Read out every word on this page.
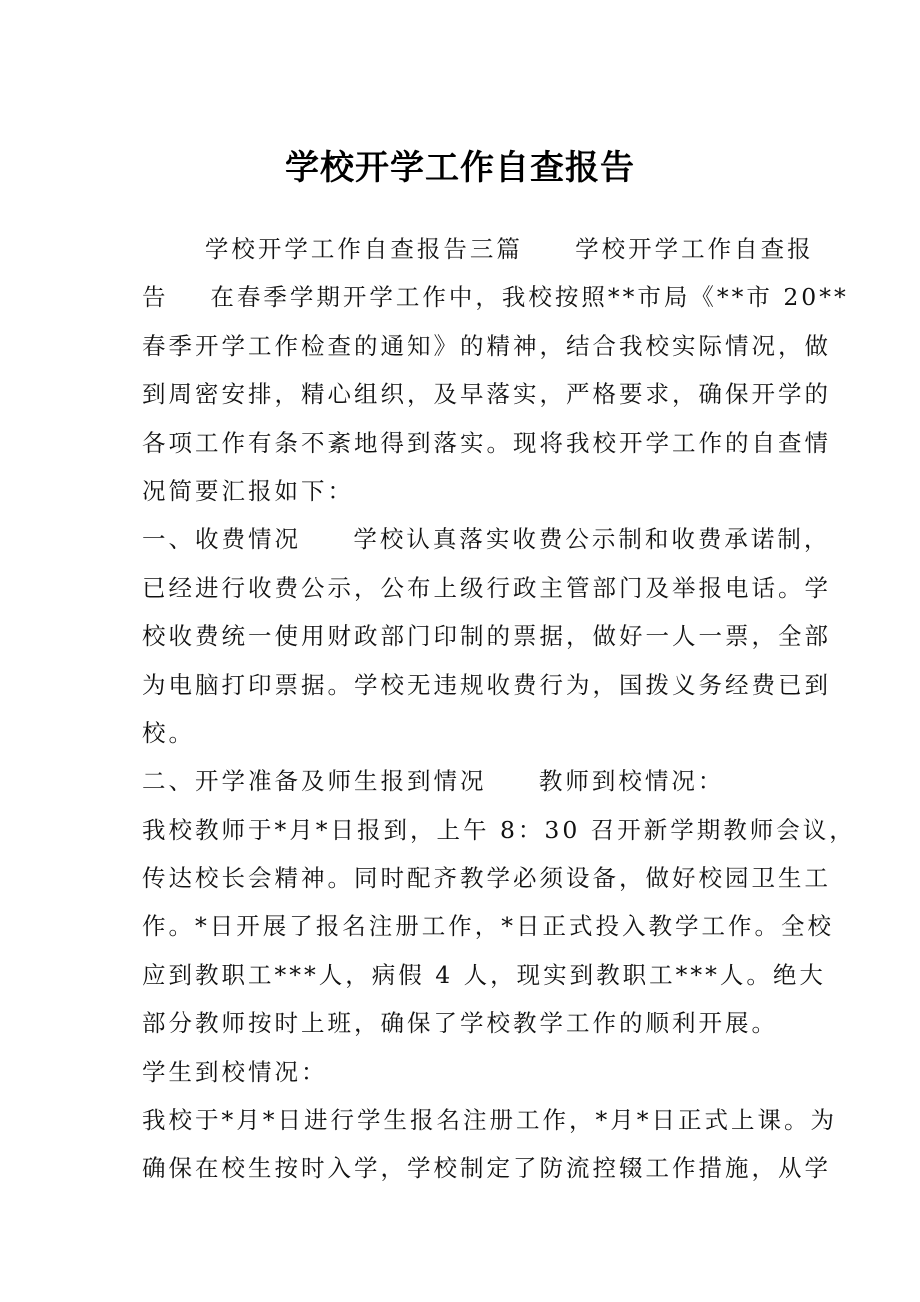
学校开学工作自查报告
学校开学工作自查报告三篇     学校开学工作自查报
告    在春季学期开学工作中，我校按照**市局《**市 20**
春季开学工作检查的通知》的精神，结合我校实际情况，做
到周密安排，精心组织，及早落实，严格要求，确保开学的
各项工作有条不紊地得到落实。现将我校开学工作的自查情
况简要汇报如下：
一、收费情况     学校认真落实收费公示制和收费承诺制，
已经进行收费公示，公布上级行政主管部门及举报电话。学
校收费统一使用财政部门印制的票据，做好一人一票，全部
为电脑打印票据。学校无违规收费行为，国拨义务经费已到
校。
二、开学准备及师生报到情况     教师到校情况：
我校教师于*月*日报到，上午 8：30 召开新学期教师会议，
传达校长会精神。同时配齐教学必须设备，做好校园卫生工
作。*日开展了报名注册工作，*日正式投入教学工作。全校
应到教职工***人，病假 4 人，现实到教职工***人。绝大
部分教师按时上班，确保了学校教学工作的顺利开展。
学生到校情况：
我校于*月*日进行学生报名注册工作，*月*日正式上课。为
确保在校生按时入学，学校制定了防流控辍工作措施，从学
